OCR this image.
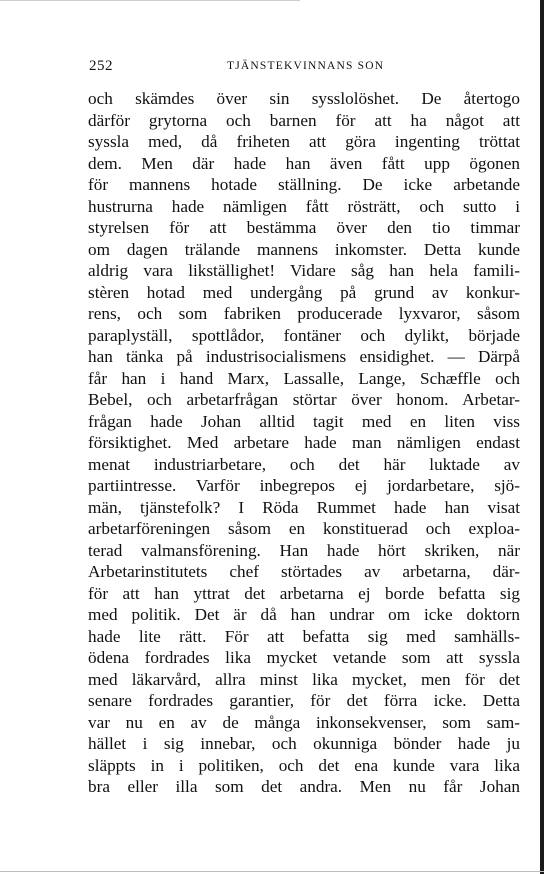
252	TJÄNSTEKVINNANS SON
och skämdes över sin sysslolöshet. De återtogo
därför grytorna och barnen för att ha något att
syssla med, då friheten att göra ingenting tröttat
dem. Men där hade han även fått upp ögonen
för mannens hotade ställning. De icke arbetande
hustrurna hade nämligen fått rösträtt, och sutto i
styrelsen för att bestämma över den tio timmar
om dagen trälande mannens inkomster. Detta kunde
aldrig vara likställighet! Vidare såg han hela famili-
stèren hotad med undergång på grund av konkur-
rens, och som fabriken producerade lyxvaror, såsom
paraplyställ, spottlådor, fontäner och dylikt, började
han tänka på industrisocialismens ensidighet. — Därpå
får han i hand Marx, Lassalle, Lange, Schæffle och
Bebel, och arbetarfrågan störtar över honom. Arbetar-
frågan hade Johan alltid tagit med en liten viss
försiktighet. Med arbetare hade man nämligen endast
menat industriarbetare, och det här luktade av
partiintresse. Varför inbegrepos ej jordarbetare, sjö-
män, tjänstefolk? I Röda Rummet hade han visat
arbetarföreningen såsom en konstituerad och exploa-
terad valmansförening. Han hade hört skriken, när
Arbetarinstitutets chef störtades av arbetarna, där-
för att han yttrat det arbetarna ej borde befatta sig
med politik. Det är då han undrar om icke doktorn
hade lite rätt. För att befatta sig med samhälls-
ödena fordrades lika mycket vetande som att syssla
med läkarvård, allra minst lika mycket, men för det
senare fordrades garantier, för det förra icke. Detta
var nu en av de många inkonsekvenser, som sam-
hället i sig innebar, och okunniga bönder hade ju
släppts in i politiken, och det ena kunde vara lika
bra eller illa som det andra. Men nu får Johan
